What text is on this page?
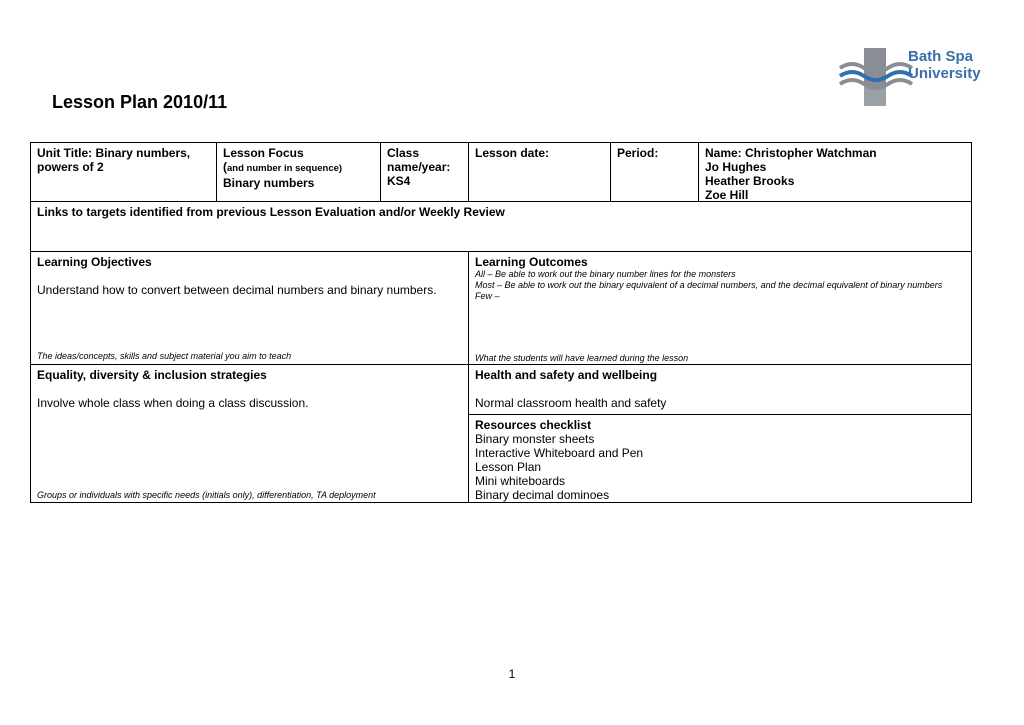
Lesson Plan 2010/11
Bath Spa
University
Unit Title: Binary numbers, powers of 2
Lesson Focus
(and number in sequence)
Binary numbers
Class
name/year:
KS4
Lesson date:	Period:	Name: Christopher Watchman
Jo Hughes
Heather Brooks
Zoe Hill
Links to targets identified from previous Lesson Evaluation and/or Weekly Review
Learning Objectives
Understand how to convert between decimal numbers and binary numbers.
The ideas/concepts, skills and subject material you aim to teach
Learning Outcomes
All – Be able to work out the binary number lines for the monsters
Most – Be able to work out the binary equivalent of a decimal numbers, and the decimal equivalent of binary numbers
Few –
What the students will have learned during the lesson
Equality, diversity & inclusion strategies
Involve whole class when doing a class discussion.
Groups or individuals with specific needs (initials only), differentiation, TA deployment
Health and safety and wellbeing
Normal classroom health and safety
Resources checklist
Binary monster sheets
Interactive Whiteboard and Pen
Lesson Plan
Mini whiteboards
Binary decimal dominoes
1
